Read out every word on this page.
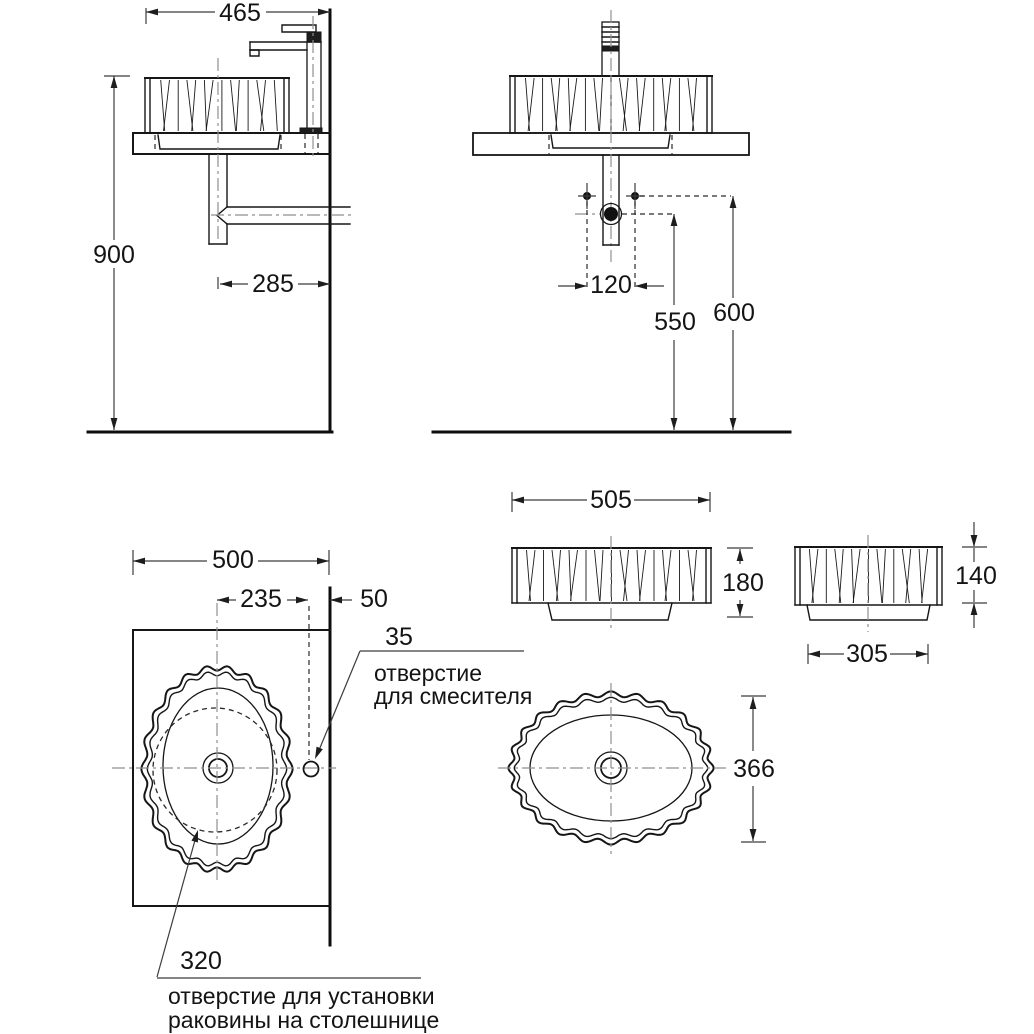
465
900
285	120
550 600
500
235	50
35
отверстие
для смесителя
320
отверстие для установки
раковины на столешнице
505
180	140
305
366
